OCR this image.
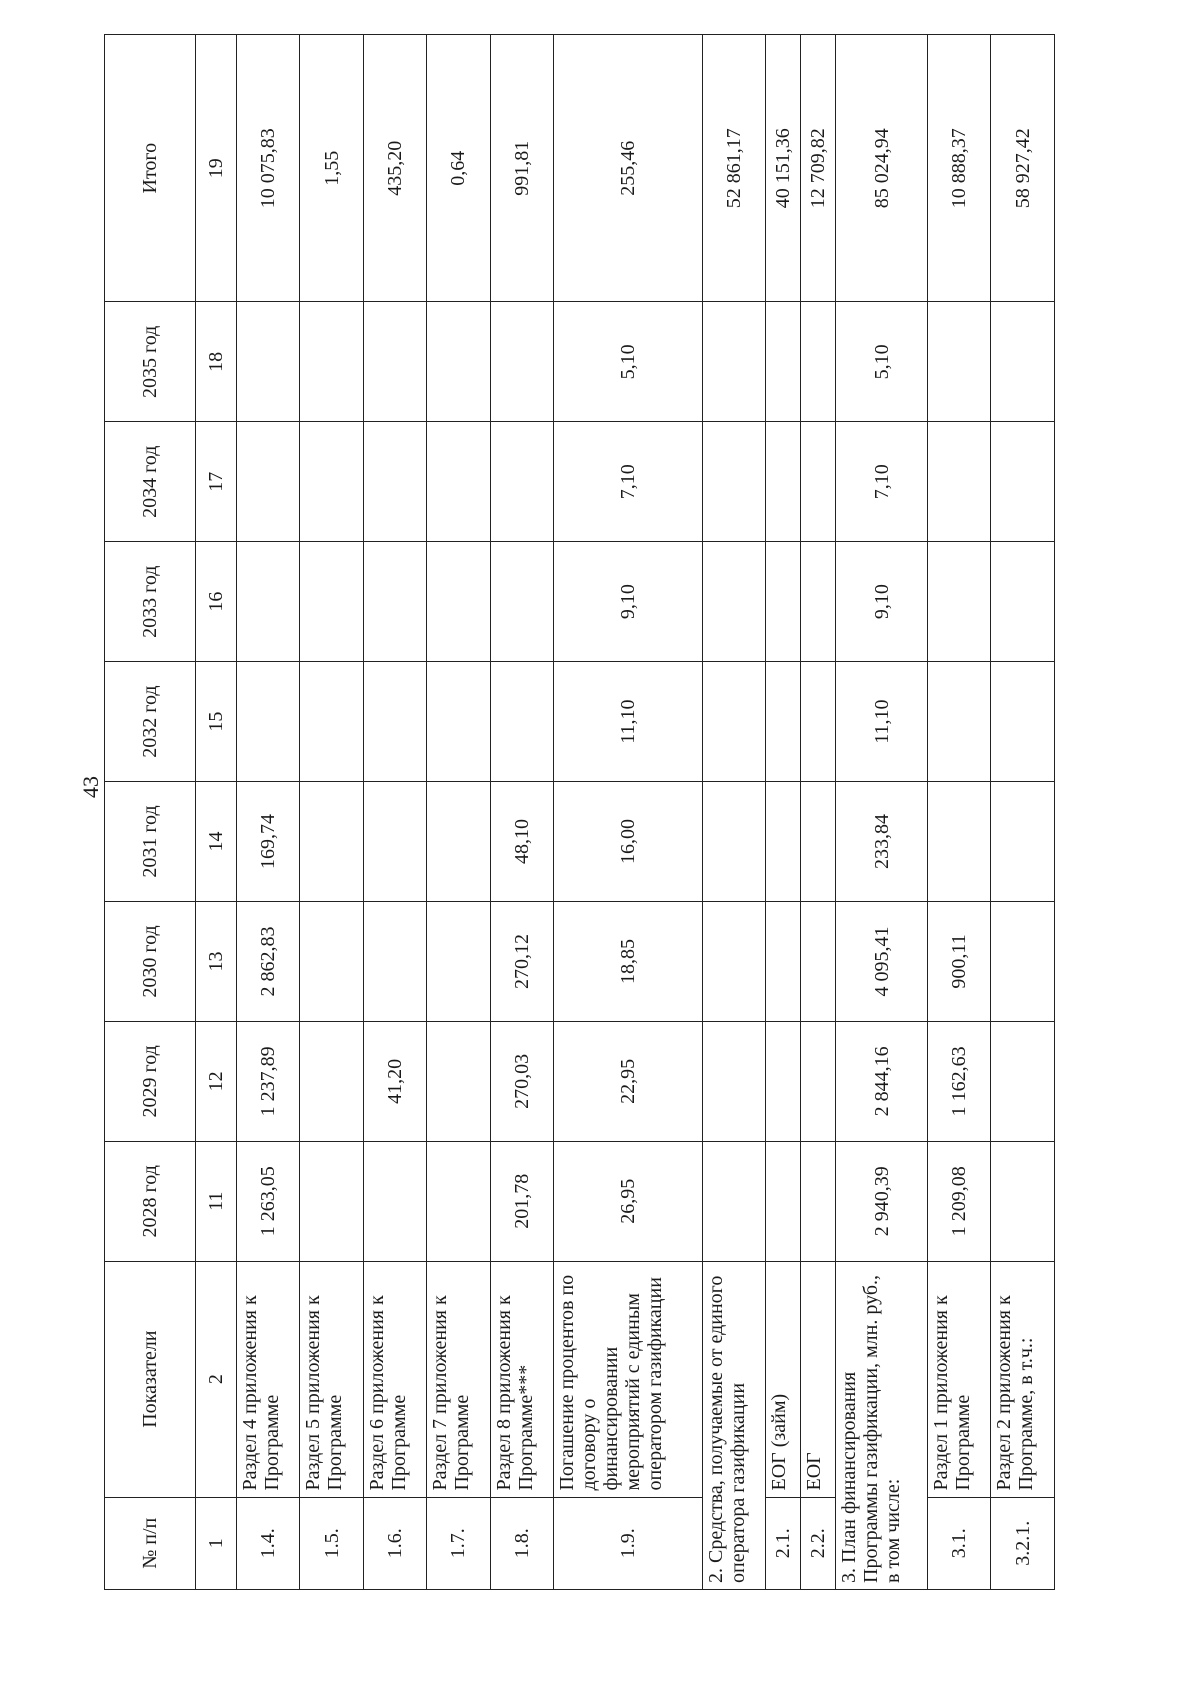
43
№ п/п	Показатели	2028 год	2029 год	2030 год	2031 год	2032 год	2033 год	2034 год	2035 год	Итого
1	2	11	12	13	14	15	16	17	18	19
1.4.	Раздел 4 приложения к Программе	1 263,05	1 237,89	2 862,83	169,74					10 075,83
1.5.	Раздел 5 приложения к Программе									1,55
1.6.	Раздел 6 приложения к Программе		41,20							435,20
1.7.	Раздел 7 приложения к Программе									0,64
1.8.	Раздел 8 приложения к Программе***	201,78	270,03	270,12	48,10					991,81
1.9.	Погашение процентов по договору о финансировании мероприятий с единым оператором газификации	26,95	22,95	18,85	16,00	11,10	9,10	7,10	5,10	255,46
2. Средства, получаемые от единого оператора газификации										52 861,17
2.1.	ЕОГ (займ)									40 151,36
2.2.	ЕОГ									12 709,82
3. План финансирования Программы газификации, млн. руб., в том числе:		2 940,39	2 844,16	4 095,41	233,84	11,10	9,10	7,10	5,10	85 024,94
3.1.	Раздел 1 приложения к Программе	1 209,08	1 162,63	900,11						10 888,37
3.2.1.	Раздел 2 приложения к Программе, в т.ч.:									58 927,42
